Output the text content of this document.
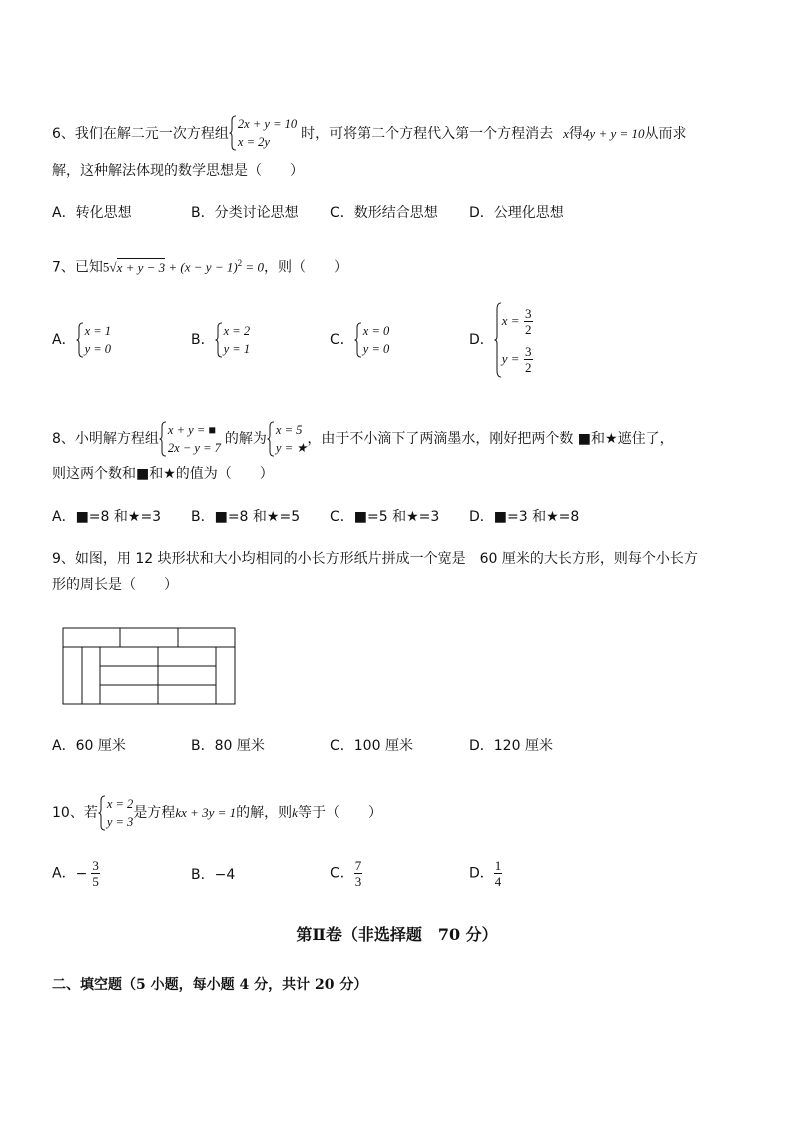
6、我们在解二元一次方程组
2x + y = 10
x = 2y	时，可将第二个方程代入第一个方程消去 x得4y + y = 10从而求
解，这种解法体现的数学思想是（　　）
A．转化思想	B．分类讨论思想 C．数形结合思想 D．公理化思想
7、已知$5√x + y - 3 + (x - y - 1)^2 = 0$，则（　　）
A．
x = 1
y = 0
B．
x = 2
y = 1
C．
x = 0
y = 0
D．
$x = \frac{3}{2}$
$y = \frac{3}{2}$
8、小明解方程组
x + y = ■
2x − y = 7
的解为
x = 5
y = ★
，由于不小滴下了两滴墨水，刚好把两个数 ■和★遮住了，
则这两个数和■和★的值为（　　）
A．■=8 和★=3 B．■=8 和★=5 C．■=5 和★=3 D．■=3 和★=8
9、如图，用 12 块形状和大小均相同的小长方形纸片拼成一个宽是　60 厘米的大长方形，则每个小长方
形的周长是（　　）
A．60 厘米	B．80 厘米	C．100 厘米	D．120 厘米
10、若
x = 2
y = 3
是方程kx + 3y = 1的解，则k等于（　　）
A．− $\frac{3}{5}$	B．−4	C． $\frac{7}{3}$	D． $\frac{1}{4}$
第Ⅱ卷（非选择题　70 分）
二、填空题（5 小题，每小题 4 分，共计 20 分）
